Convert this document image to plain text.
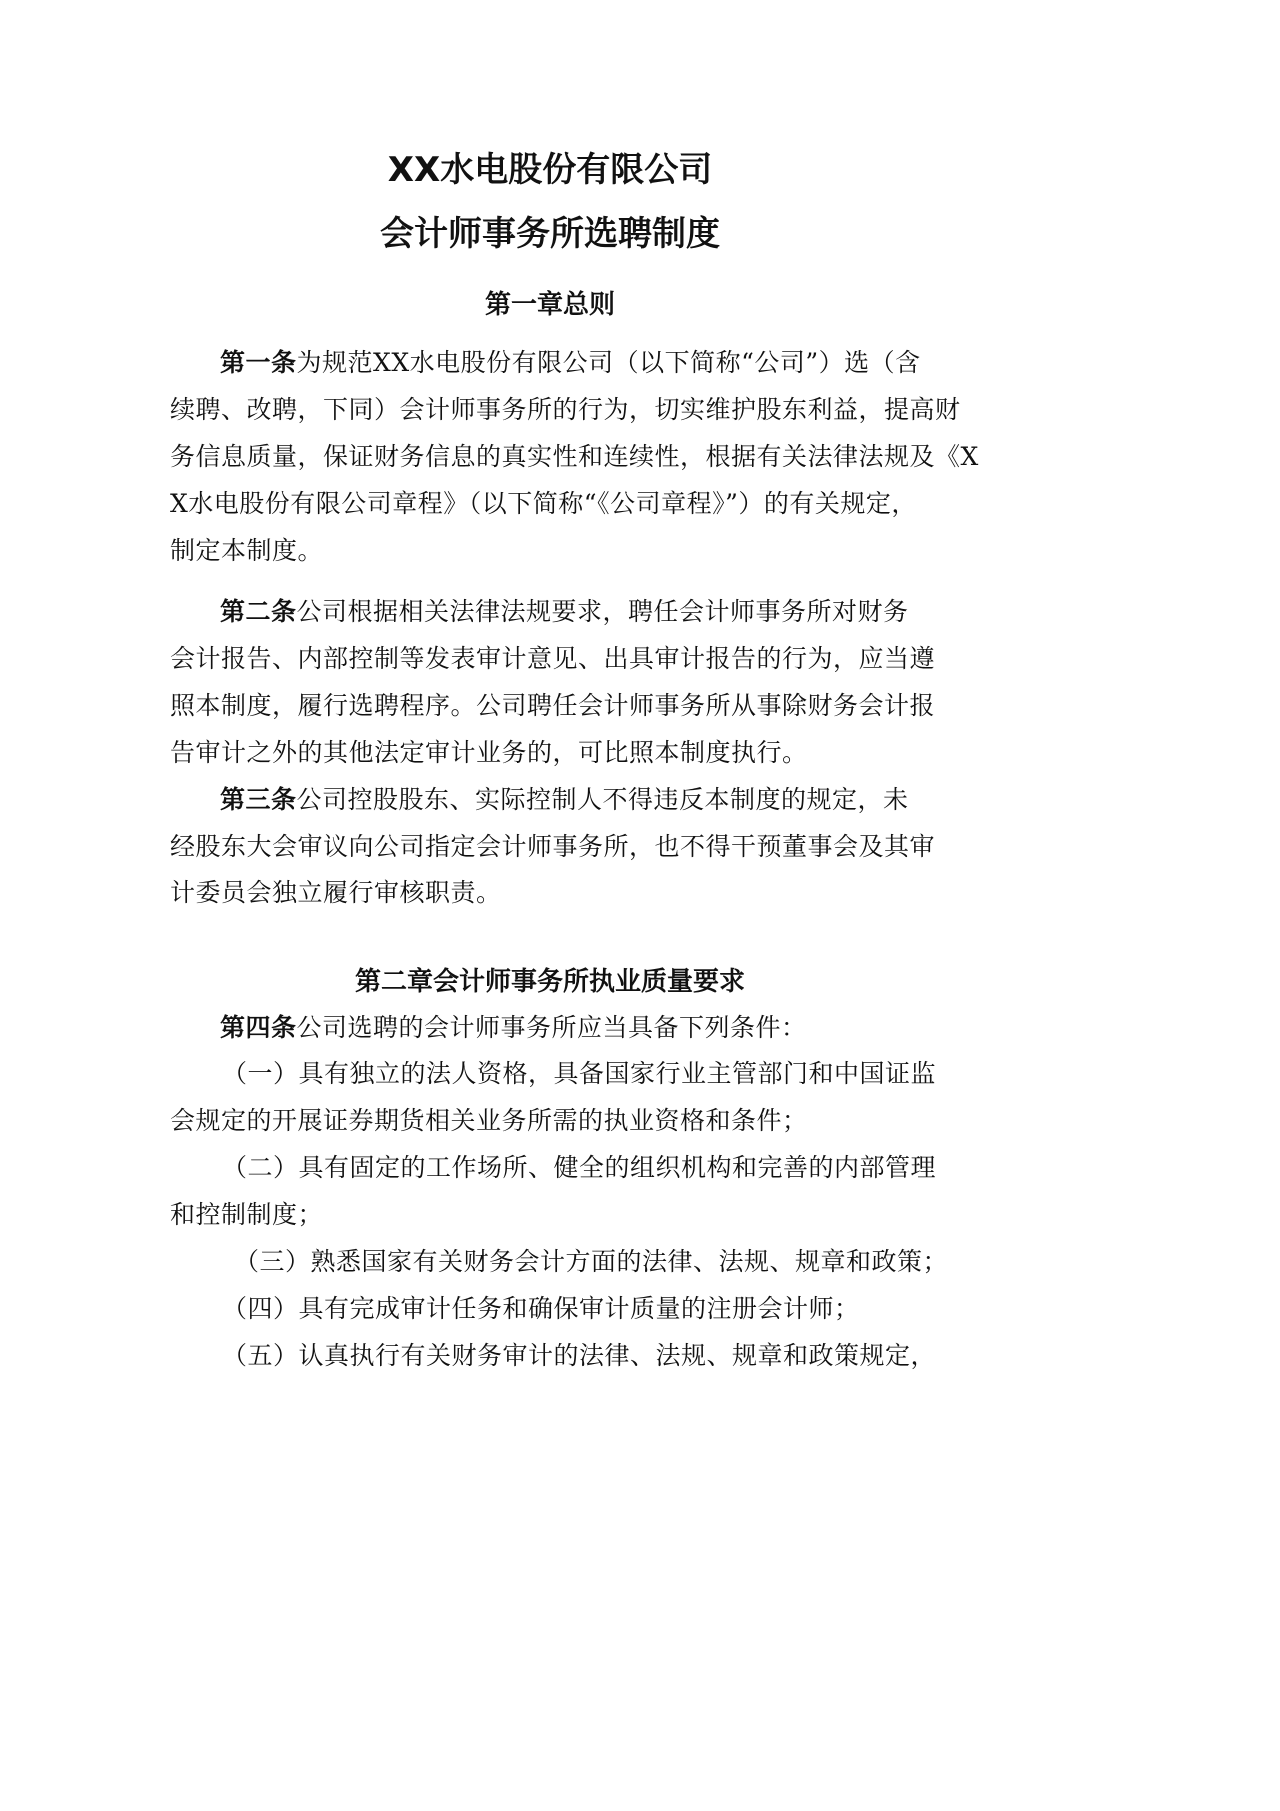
XX水电股份有限公司
会计师事务所选聘制度
第一章总则
第一条为规范XX水电股份有限公司（以下简称“公司”）选（含
续聘、改聘，下同）会计师事务所的行为，切实维护股东利益，提高财
务信息质量，保证财务信息的真实性和连续性，根据有关法律法规及《X
X水电股份有限公司章程》（以下简称“《公司章程》”）的有关规定，
制定本制度。
第二条公司根据相关法律法规要求，聘任会计师事务所对财务
会计报告、内部控制等发表审计意见、出具审计报告的行为，应当遵
照本制度，履行选聘程序。公司聘任会计师事务所从事除财务会计报
告审计之外的其他法定审计业务的，可比照本制度执行。
第三条公司控股股东、实际控制人不得违反本制度的规定，未
经股东大会审议向公司指定会计师事务所，也不得干预董事会及其审
计委员会独立履行审核职责。
第二章会计师事务所执业质量要求
第四条公司选聘的会计师事务所应当具备下列条件：
（一）具有独立的法人资格，具备国家行业主管部门和中国证监
会规定的开展证券期货相关业务所需的执业资格和条件；
（二）具有固定的工作场所、健全的组织机构和完善的内部管理
和控制制度；
（三）熟悉国家有关财务会计方面的法律、法规、规章和政策；
（四）具有完成审计任务和确保审计质量的注册会计师；
（五）认真执行有关财务审计的法律、法规、规章和政策规定，
